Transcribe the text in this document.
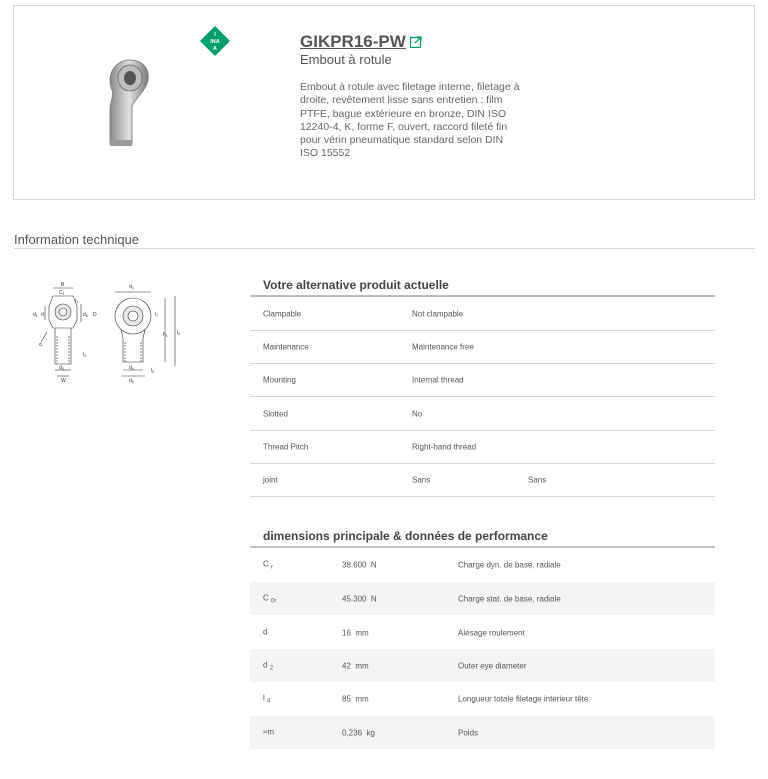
I
INA
A	GIKPR16-PW
Embout à rotule
Embout à rotule avec filetage interne, filetage à droite, revêtement lisse sans entretien : film PTFE, bague extérieure en bronze, DIN ISO 12240-4, K, forme F, ouvert, raccord fileté fin pour vérin pneumatique standard selon DIN ISO 15552
Information technique
B
$C_1$
$r_1$
$d_1$ d	$d_K$ D
α
$l_3$
$d_3$
W
$d_2$
$l_7$
$h_1$ $l_4$
$d_4$	$l_5$
$d_5$
Votre alternative produit actuelle
Clampable	Not clampable
Maintenance	Maintenance free
Mounting	Internal thread
Slotted	No
Thread Pitch	Right-hand thread
joint	Sans	Sans
dimensions principale & données de performance
C $_r$	38.600 N	Charge dyn. de base, radiale
C $_{0r}$	45.300 N	Charge stat. de base, radiale
d	16 mm	Alésage roulement
d $_2$	42 mm	Outer eye diameter
l $_4$	85 mm	Longueur totale filetage interieur tête
≈m	0,236 kg	Poids
